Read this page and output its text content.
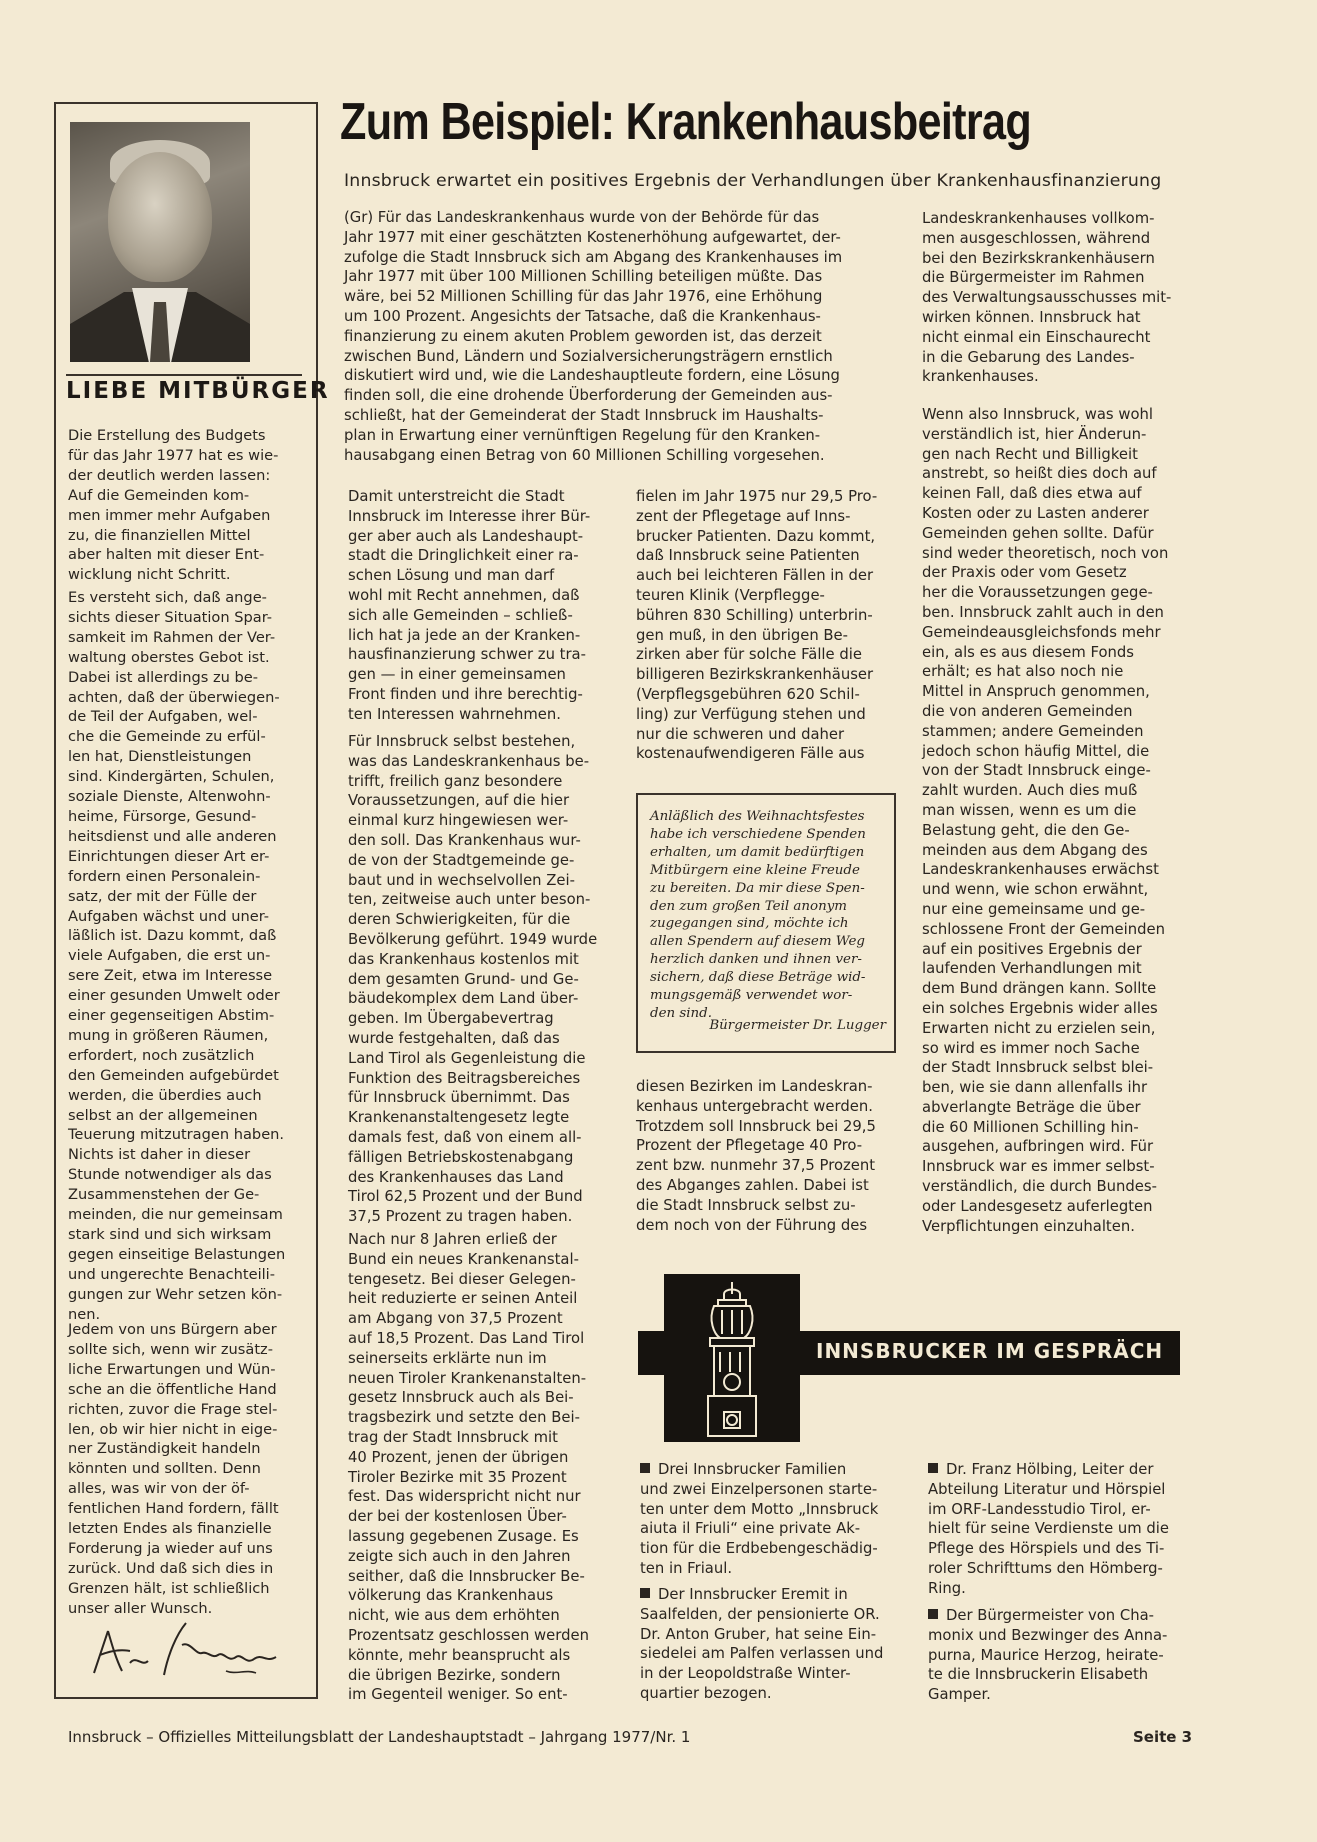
LIEBE MITBÜRGER
Die Erstellung des Budgets
für das Jahr 1977 hat es wie-
der deutlich werden lassen:
Auf die Gemeinden kom-
men immer mehr Aufgaben
zu, die finanziellen Mittel
aber halten mit dieser Ent-
wicklung nicht Schritt.
Es versteht sich, daß ange-
sichts dieser Situation Spar-
samkeit im Rahmen der Ver-
waltung oberstes Gebot ist.
Dabei ist allerdings zu be-
achten, daß der überwiegen-
de Teil der Aufgaben, wel-
che die Gemeinde zu erfül-
len hat, Dienstleistungen
sind. Kindergärten, Schulen,
soziale Dienste, Altenwohn-
heime, Fürsorge, Gesund-
heitsdienst und alle anderen
Einrichtungen dieser Art er-
fordern einen Personalein-
satz, der mit der Fülle der
Aufgaben wächst und uner-
läßlich ist. Dazu kommt, daß
viele Aufgaben, die erst un-
sere Zeit, etwa im Interesse
einer gesunden Umwelt oder
einer gegenseitigen Abstim-
mung in größeren Räumen,
erfordert, noch zusätzlich
den Gemeinden aufgebürdet
werden, die überdies auch
selbst an der allgemeinen
Teuerung mitzutragen haben.
Nichts ist daher in dieser
Stunde notwendiger als das
Zusammenstehen der Ge-
meinden, die nur gemeinsam
stark sind und sich wirksam
gegen einseitige Belastungen
und ungerechte Benachteili-
gungen zur Wehr setzen kön-
nen.
Jedem von uns Bürgern aber
sollte sich, wenn wir zusätz-
liche Erwartungen und Wün-
sche an die öffentliche Hand
richten, zuvor die Frage stel-
len, ob wir hier nicht in eige-
ner Zuständigkeit handeln
könnten und sollten. Denn
alles, was wir von der öf-
fentlichen Hand fordern, fällt
letzten Endes als finanzielle
Forderung ja wieder auf uns
zurück. Und daß sich dies in
Grenzen hält, ist schließlich
unser aller Wunsch.
Zum Beispiel: Krankenhausbeitrag
Innsbruck erwartet ein positives Ergebnis der Verhandlungen über Krankenhausfinanzierung
(Gr) Für das Landeskrankenhaus wurde von der Behörde für das
Jahr 1977 mit einer geschätzten Kostenerhöhung aufgewartet, der-
zufolge die Stadt Innsbruck sich am Abgang des Krankenhauses im
Jahr 1977 mit über 100 Millionen Schilling beteiligen müßte. Das
wäre, bei 52 Millionen Schilling für das Jahr 1976, eine Erhöhung
um 100 Prozent. Angesichts der Tatsache, daß die Krankenhaus-
finanzierung zu einem akuten Problem geworden ist, das derzeit
zwischen Bund, Ländern und Sozialversicherungsträgern ernstlich
diskutiert wird und, wie die Landeshauptleute fordern, eine Lösung
finden soll, die eine drohende Überforderung der Gemeinden aus-
schließt, hat der Gemeinderat der Stadt Innsbruck im Haushalts-
plan in Erwartung einer vernünftigen Regelung für den Kranken-
hausabgang einen Betrag von 60 Millionen Schilling vorgesehen.
Damit unterstreicht die Stadt
Innsbruck im Interesse ihrer Bür-
ger aber auch als Landeshaupt-
stadt die Dringlichkeit einer ra-
schen Lösung und man darf
wohl mit Recht annehmen, daß
sich alle Gemeinden – schließ-
lich hat ja jede an der Kranken-
hausfinanzierung schwer zu tra-
gen — in einer gemeinsamen
Front finden und ihre berechtig-
ten Interessen wahrnehmen.
Für Innsbruck selbst bestehen,
was das Landeskrankenhaus be-
trifft, freilich ganz besondere
Voraussetzungen, auf die hier
einmal kurz hingewiesen wer-
den soll. Das Krankenhaus wur-
de von der Stadtgemeinde ge-
baut und in wechselvollen Zei-
ten, zeitweise auch unter beson-
deren Schwierigkeiten, für die
Bevölkerung geführt. 1949 wurde
das Krankenhaus kostenlos mit
dem gesamten Grund- und Ge-
bäudekomplex dem Land über-
geben. Im Übergabevertrag
wurde festgehalten, daß das
Land Tirol als Gegenleistung die
Funktion des Beitragsbereiches
für Innsbruck übernimmt. Das
Krankenanstaltengesetz legte
damals fest, daß von einem all-
fälligen Betriebskostenabgang
des Krankenhauses das Land
Tirol 62,5 Prozent und der Bund
37,5 Prozent zu tragen haben.
Nach nur 8 Jahren erließ der
Bund ein neues Krankenanstal-
tengesetz. Bei dieser Gelegen-
heit reduzierte er seinen Anteil
am Abgang von 37,5 Prozent
auf 18,5 Prozent. Das Land Tirol
seinerseits erklärte nun im
neuen Tiroler Krankenanstalten-
gesetz Innsbruck auch als Bei-
tragsbezirk und setzte den Bei-
trag der Stadt Innsbruck mit
40 Prozent, jenen der übrigen
Tiroler Bezirke mit 35 Prozent
fest. Das widerspricht nicht nur
der bei der kostenlosen Über-
lassung gegebenen Zusage. Es
zeigte sich auch in den Jahren
seither, daß die Innsbrucker Be-
völkerung das Krankenhaus
nicht, wie aus dem erhöhten
Prozentsatz geschlossen werden
könnte, mehr beansprucht als
die übrigen Bezirke, sondern
im Gegenteil weniger. So ent-
fielen im Jahr 1975 nur 29,5 Pro-
zent der Pflegetage auf Inns-
brucker Patienten. Dazu kommt,
daß Innsbruck seine Patienten
auch bei leichteren Fällen in der
teuren Klinik (Verpflegge-
bühren 830 Schilling) unterbrin-
gen muß, in den übrigen Be-
zirken aber für solche Fälle die
billigeren Bezirkskrankenhäuser
(Verpflegsgebühren 620 Schil-
ling) zur Verfügung stehen und
nur die schweren und daher
kostenaufwendigeren Fälle aus
Anläßlich des Weihnachtsfestes
habe ich verschiedene Spenden
erhalten, um damit bedürftigen
Mitbürgern eine kleine Freude
zu bereiten. Da mir diese Spen-
den zum großen Teil anonym
zugegangen sind, möchte ich
allen Spendern auf diesem Weg
herzlich danken und ihnen ver-
sichern, daß diese Beträge wid-
mungsgemäß verwendet wor-
den sind.
Bürgermeister Dr. Lugger
diesen Bezirken im Landeskran-
kenhaus untergebracht werden.
Trotzdem soll Innsbruck bei 29,5
Prozent der Pflegetage 40 Pro-
zent bzw. nunmehr 37,5 Prozent
des Abganges zahlen. Dabei ist
die Stadt Innsbruck selbst zu-
dem noch von der Führung des
Landeskrankenhauses vollkom-
men ausgeschlossen, während
bei den Bezirkskrankenhäusern
die Bürgermeister im Rahmen
des Verwaltungsausschusses mit-
wirken können. Innsbruck hat
nicht einmal ein Einschaurecht
in die Gebarung des Landes-
krankenhauses.
Wenn also Innsbruck, was wohl
verständlich ist, hier Änderun-
gen nach Recht und Billigkeit
anstrebt, so heißt dies doch auf
keinen Fall, daß dies etwa auf
Kosten oder zu Lasten anderer
Gemeinden gehen sollte. Dafür
sind weder theoretisch, noch von
der Praxis oder vom Gesetz
her die Voraussetzungen gege-
ben. Innsbruck zahlt auch in den
Gemeindeausgleichsfonds mehr
ein, als es aus diesem Fonds
erhält; es hat also noch nie
Mittel in Anspruch genommen,
die von anderen Gemeinden
stammen; andere Gemeinden
jedoch schon häufig Mittel, die
von der Stadt Innsbruck einge-
zahlt wurden. Auch dies muß
man wissen, wenn es um die
Belastung geht, die den Ge-
meinden aus dem Abgang des
Landeskrankenhauses erwächst
und wenn, wie schon erwähnt,
nur eine gemeinsame und ge-
schlossene Front der Gemeinden
auf ein positives Ergebnis der
laufenden Verhandlungen mit
dem Bund drängen kann. Sollte
ein solches Ergebnis wider alles
Erwarten nicht zu erzielen sein,
so wird es immer noch Sache
der Stadt Innsbruck selbst blei-
ben, wie sie dann allenfalls ihr
abverlangte Beträge die über
die 60 Millionen Schilling hin-
ausgehen, aufbringen wird. Für
Innsbruck war es immer selbst-
verständlich, die durch Bundes-
oder Landesgesetz auferlegten
Verpflichtungen einzuhalten.
INNSBRUCKER IM GESPRÄCH
Drei Innsbrucker Familien
und zwei Einzelpersonen starte-
ten unter dem Motto „Innsbruck
aiuta il Friuli“ eine private Ak-
tion für die Erdbebengeschädig-
ten in Friaul.
Der Innsbrucker Eremit in
Saalfelden, der pensionierte OR.
Dr. Anton Gruber, hat seine Ein-
siedelei am Palfen verlassen und
in der Leopoldstraße Winter-
quartier bezogen.
Dr. Franz Hölbing, Leiter der
Abteilung Literatur und Hörspiel
im ORF-Landesstudio Tirol, er-
hielt für seine Verdienste um die
Pflege des Hörspiels und des Ti-
roler Schrifttums den Hömberg-
Ring.
Der Bürgermeister von Cha-
monix und Bezwinger des Anna-
purna, Maurice Herzog, heirate-
te die Innsbruckerin Elisabeth
Gamper.
Innsbruck – Offizielles Mitteilungsblatt der Landeshauptstadt – Jahrgang 1977/Nr. 1	Seite 3
